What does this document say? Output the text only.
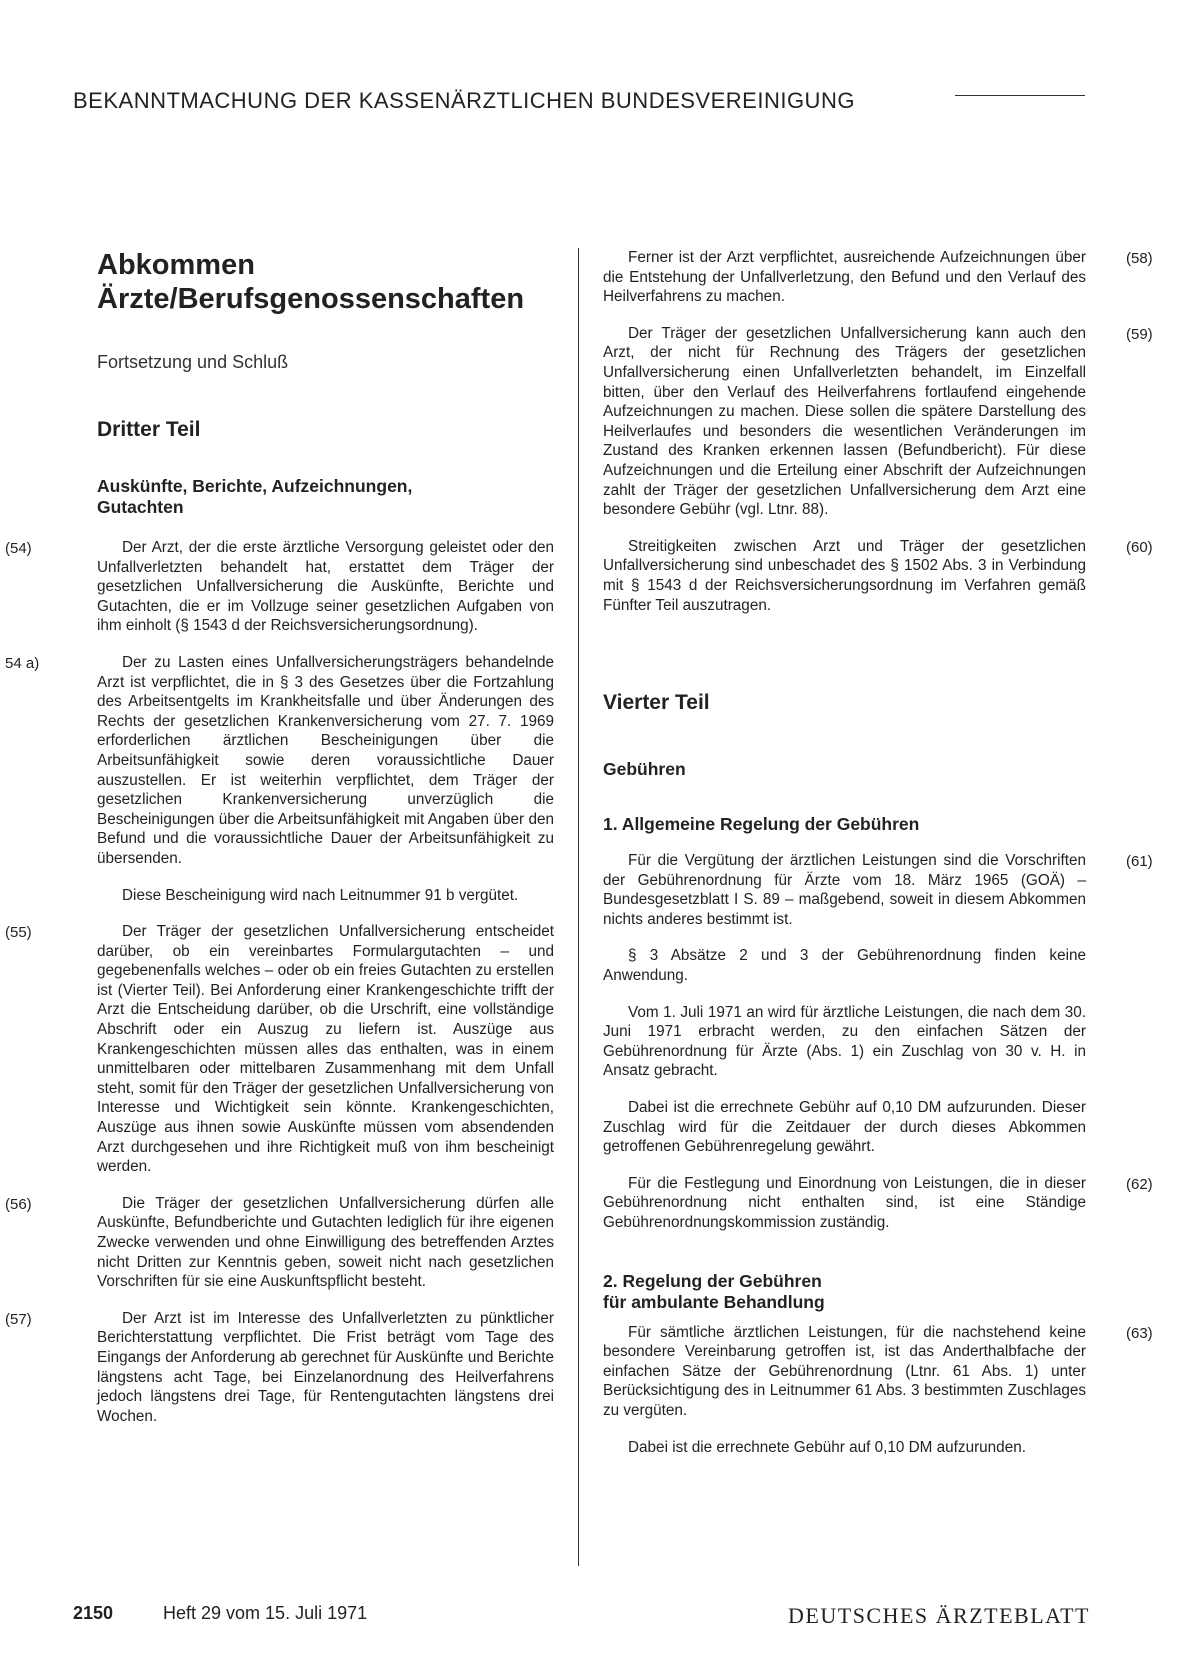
BEKANNTMACHUNG DER KASSENÄRZTLICHEN BUNDESVEREINIGUNG
Abkommen
Ärzte/Berufsgenossenschaften
Fortsetzung und Schluß
Dritter Teil
Auskünfte, Berichte, Aufzeichnungen,
Gutachten
(54)	Der Arzt, der die erste ärztliche Versorgung geleistet oder den Unfallverletzten behandelt hat, erstattet dem Träger der gesetzlichen Unfallversicherung die Auskünfte, Berichte und Gutachten, die er im Vollzuge seiner gesetzlichen Aufgaben von ihm einholt (§ 1543 d der Reichsversicherungsordnung).

54 a)	Der zu Lasten eines Unfallversicherungsträgers behandelnde Arzt ist verpflichtet, die in § 3 des Gesetzes über die Fortzahlung des Arbeitsentgelts im Krankheitsfalle und über Änderungen des Rechts der gesetzlichen Krankenversicherung vom 27. 7. 1969 erforderlichen ärztlichen Bescheinigungen über die Arbeitsunfähigkeit sowie deren voraussichtliche Dauer auszustellen. Er ist weiterhin verpflichtet, dem Träger der gesetzlichen Krankenversicherung unverzüglich die Bescheinigungen über die Arbeitsunfähigkeit mit Angaben über den Befund und die voraussichtliche Dauer der Arbeitsunfähigkeit zu übersenden.

Diese Bescheinigung wird nach Leitnummer 91 b vergütet.

(55)	Der Träger der gesetzlichen Unfallversicherung entscheidet darüber, ob ein vereinbartes Formulargutachten – und gegebenenfalls welches – oder ob ein freies Gutachten zu erstellen ist (Vierter Teil). Bei Anforderung einer Krankengeschichte trifft der Arzt die Entscheidung darüber, ob die Urschrift, eine vollständige Abschrift oder ein Auszug zu liefern ist. Auszüge aus Krankengeschichten müssen alles das enthalten, was in einem unmittelbaren oder mittelbaren Zusammenhang mit dem Unfall steht, somit für den Träger der gesetzlichen Unfallversicherung von Interesse und Wichtigkeit sein könnte. Krankengeschichten, Auszüge aus ihnen sowie Auskünfte müssen vom absendenden Arzt durchgesehen und ihre Richtigkeit muß von ihm bescheinigt werden.

(56)	Die Träger der gesetzlichen Unfallversicherung dürfen alle Auskünfte, Befundberichte und Gutachten lediglich für ihre eigenen Zwecke verwenden und ohne Einwilligung des betreffenden Arztes nicht Dritten zur Kenntnis geben, soweit nicht nach gesetzlichen Vorschriften für sie eine Auskunftspflicht besteht.

(57)	Der Arzt ist im Interesse des Unfallverletzten zu pünktlicher Berichterstattung verpflichtet. Die Frist beträgt vom Tage des Eingangs der Anforderung ab gerechnet für Auskünfte und Berichte längstens acht Tage, bei Einzelanordnung des Heilverfahrens jedoch längstens drei Tage, für Rentengutachten längstens drei Wochen.

(58)

Ferner ist der Arzt verpflichtet, ausreichende Aufzeichnungen über die Entstehung der Unfallverletzung, den Befund und den Verlauf des Heilverfahrens zu machen.

(59)

Der Träger der gesetzlichen Unfallversicherung kann auch den Arzt, der nicht für Rechnung des Trägers der gesetzlichen Unfallversicherung einen Unfallverletzten behandelt, im Einzelfall bitten, über den Verlauf des Heilverfahrens fortlaufend eingehende Aufzeichnungen zu machen. Diese sollen die spätere Darstellung des Heilverlaufes und besonders die wesentlichen Veränderungen im Zustand des Kranken erkennen lassen (Befundbericht). Für diese Aufzeichnungen und die Erteilung einer Abschrift der Aufzeichnungen zahlt der Träger der gesetzlichen Unfallversicherung dem Arzt eine besondere Gebühr (vgl. Ltnr. 88).

(60)

Streitigkeiten zwischen Arzt und Träger der gesetzlichen Unfallversicherung sind unbeschadet des § 1502 Abs. 3 in Verbindung mit § 1543 d der Reichsversicherungsordnung im Verfahren gemäß Fünfter Teil auszutragen.

Vierter Teil
Gebühren
1. Allgemeine Regelung der Gebühren
(61)

Für die Vergütung der ärztlichen Leistungen sind die Vorschriften der Gebührenordnung für Ärzte vom 18. März 1965 (GOÄ) – Bundesgesetzblatt I S. 89 – maßgebend, soweit in diesem Abkommen nichts anderes bestimmt ist.

§ 3 Absätze 2 und 3 der Gebührenordnung finden keine Anwendung.

Vom 1. Juli 1971 an wird für ärztliche Leistungen, die nach dem 30. Juni 1971 erbracht werden, zu den einfachen Sätzen der Gebührenordnung für Ärzte (Abs. 1) ein Zuschlag von 30 v. H. in Ansatz gebracht.

Dabei ist die errechnete Gebühr auf 0,10 DM aufzurunden. Dieser Zuschlag wird für die Zeitdauer der durch dieses Abkommen getroffenen Gebührenregelung gewährt.

(62)

Für die Festlegung und Einordnung von Leistungen, die in dieser Gebührenordnung nicht enthalten sind, ist eine Ständige Gebührenordnungskommission zuständig.

2. Regelung der Gebühren
für ambulante Behandlung
(63)

Für sämtliche ärztlichen Leistungen, für die nachstehend keine besondere Vereinbarung getroffen ist, ist das Anderthalbfache der einfachen Sätze der Gebührenordnung (Ltnr. 61 Abs. 1) unter Berücksichtigung des in Leitnummer 61 Abs. 3 bestimmten Zuschlages zu vergüten.

Dabei ist die errechnete Gebühr auf 0,10 DM aufzurunden.

2150	Heft 29 vom 15. Juli 1971	DEUTSCHES ÄRZTEBLATT
